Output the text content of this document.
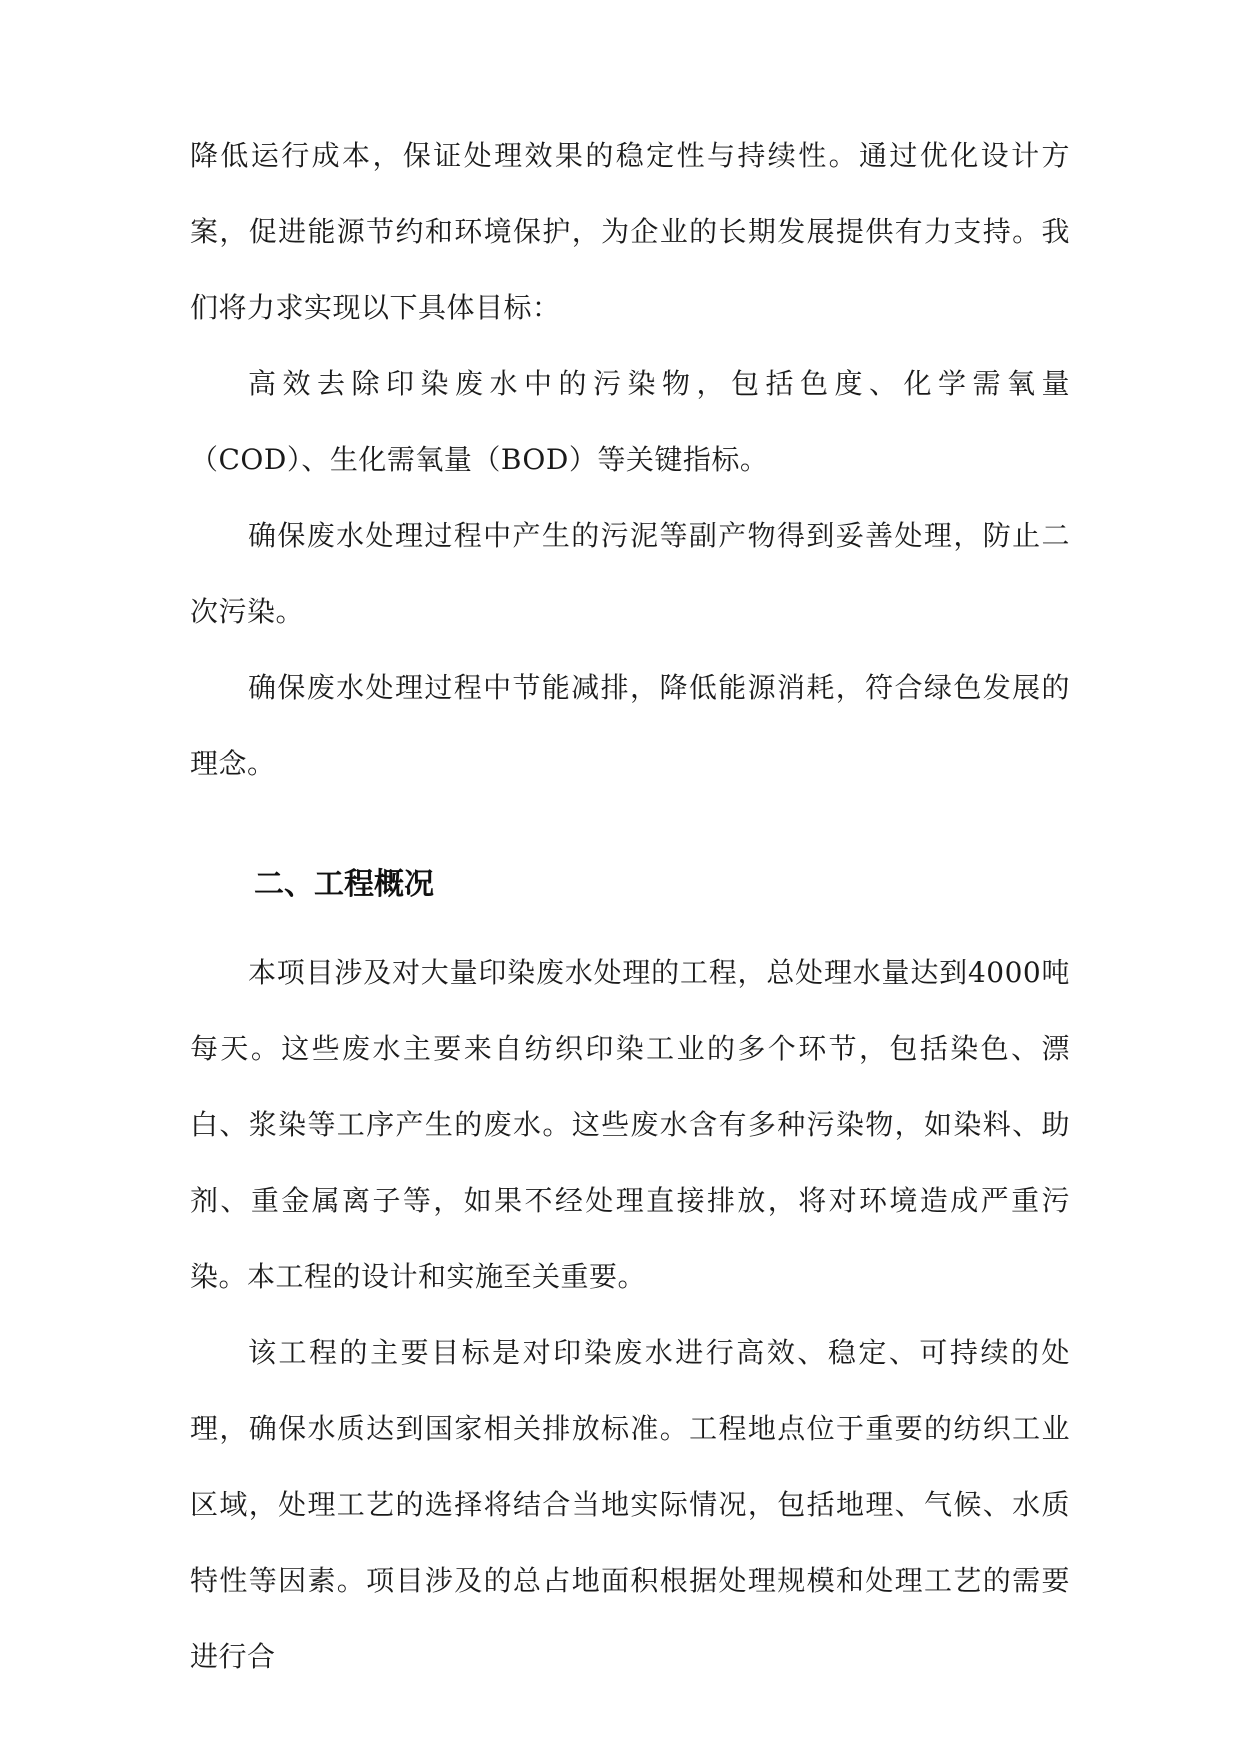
降低运行成本，保证处理效果的稳定性与持续性。通过优化设计方案，促进能源节约和环境保护，为企业的长期发展提供有力支持。我们将力求实现以下具体目标：

高效去除印染废水中的污染物，包括色度、化学需氧量（COD）、生化需氧量（BOD）等关键指标。

确保废水处理过程中产生的污泥等副产物得到妥善处理，防止二次污染。

确保废水处理过程中节能减排，降低能源消耗，符合绿色发展的理念。

二、工程概况

本项目涉及对大量印染废水处理的工程，总处理水量达到4000吨每天。这些废水主要来自纺织印染工业的多个环节，包括染色、漂白、浆染等工序产生的废水。这些废水含有多种污染物，如染料、助剂、重金属离子等，如果不经处理直接排放，将对环境造成严重污染。本工程的设计和实施至关重要。

该工程的主要目标是对印染废水进行高效、稳定、可持续的处理，确保水质达到国家相关排放标准。工程地点位于重要的纺织工业区域，处理工艺的选择将结合当地实际情况，包括地理、气候、水质特性等因素。项目涉及的总占地面积根据处理规模和处理工艺的需要进行合
